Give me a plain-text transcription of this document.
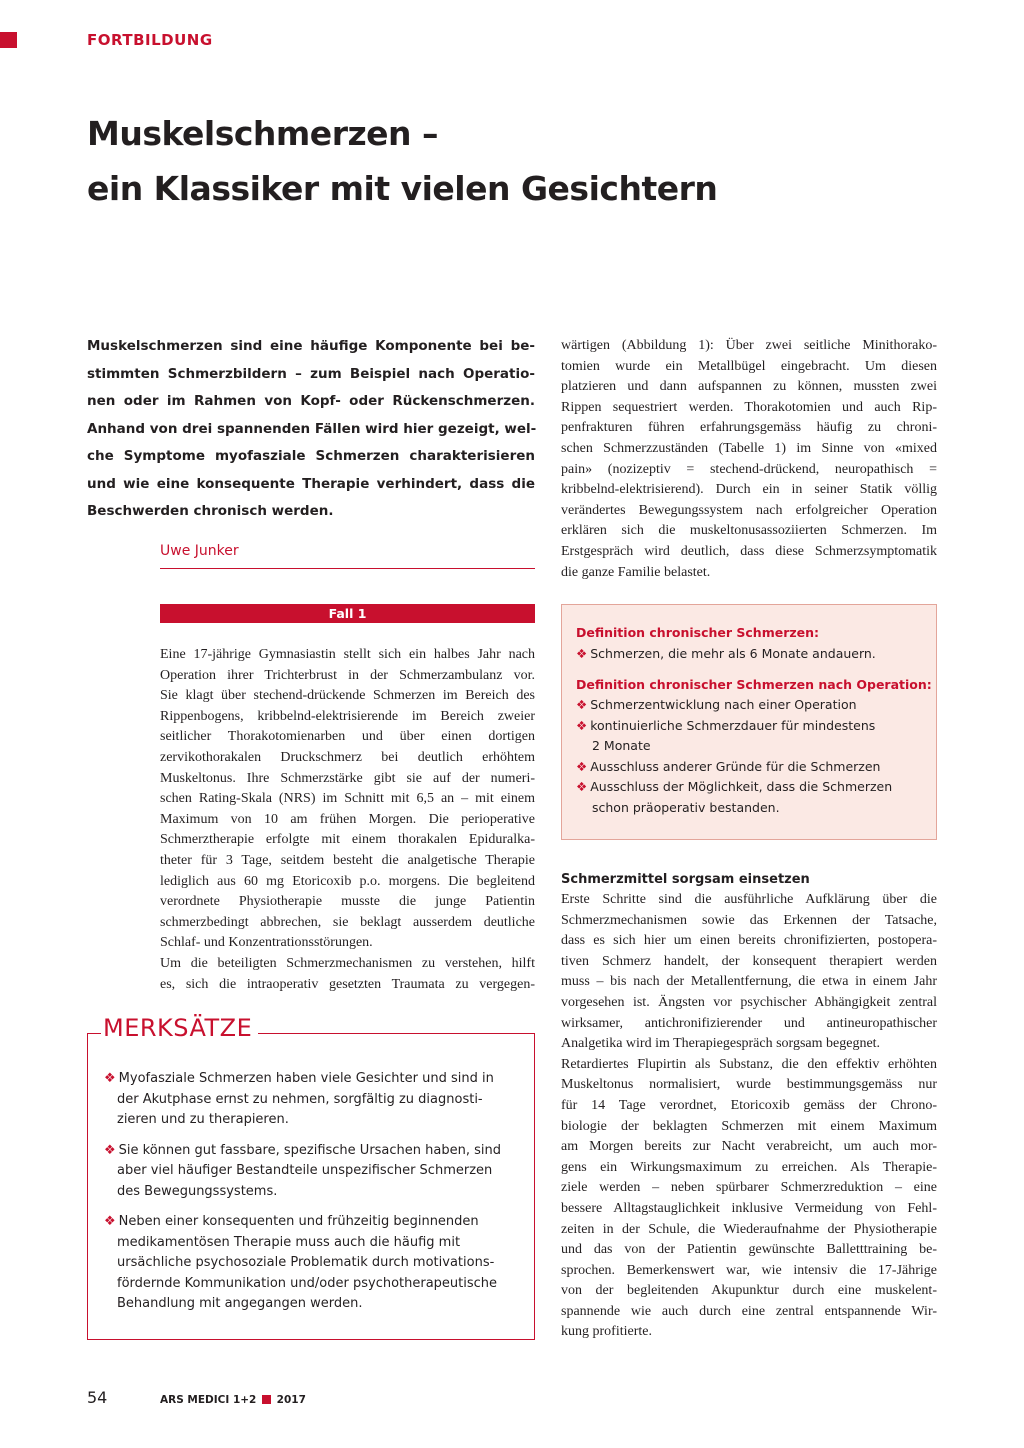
FORTBILDUNG
Muskelschmerzen –
ein Klassiker mit vielen Gesichtern
Muskelschmerzen sind eine häufige Komponente bei be-
stimmten Schmerzbildern – zum Beispiel nach Operatio-
nen oder im Rahmen von Kopf- oder Rückenschmerzen.
Anhand von drei spannenden Fällen wird hier gezeigt, wel-
che Symptome myofasziale Schmerzen charakterisieren
und wie eine konsequente Therapie verhindert, dass die
Beschwerden chronisch werden.
Uwe Junker
Fall 1
Eine 17-jährige Gymnasiastin stellt sich ein halbes Jahr nach
Operation ihrer Trichterbrust in der Schmerzambulanz vor.
Sie klagt über stechend-drückende Schmerzen im Bereich des
Rippenbogens, kribbelnd-elektrisierende im Bereich zweier
seitlicher Thorakotomienarben und über einen dortigen
zervikothorakalen Druckschmerz bei deutlich erhöhtem
Muskeltonus. Ihre Schmerzstärke gibt sie auf der numeri-
schen Rating-Skala (NRS) im Schnitt mit 6,5 an – mit einem
Maximum von 10 am frühen Morgen. Die perioperative
Schmerztherapie erfolgte mit einem thorakalen Epiduralka-
theter für 3 Tage, seitdem besteht die analgetische Therapie
lediglich aus 60 mg Etoricoxib p.o. morgens. Die begleitend
verordnete Physiotherapie musste die junge Patientin
schmerzbedingt abbrechen, sie beklagt ausserdem deutliche
Schlaf- und Konzentrationsstörungen.
Um die beteiligten Schmerzmechanismen zu verstehen, hilft
es, sich die intraoperativ gesetzten Traumata zu vergegen-
wärtigen (Abbildung 1): Über zwei seitliche Minithorako-
tomien wurde ein Metallbügel eingebracht. Um diesen
platzieren und dann aufspannen zu können, mussten zwei
Rippen sequestriert werden. Thorakotomien und auch Rip-
penfrakturen führen erfahrungsgemäss häufig zu chroni-
schen Schmerzzuständen (Tabelle 1) im Sinne von «mixed
pain» (nozizeptiv = stechend-drückend, neuropathisch =
kribbelnd-elektrisierend). Durch ein in seiner Statik völlig
verändertes Bewegungssystem nach erfolgreicher Operation
erklären sich die muskeltonusassoziierten Schmerzen. Im
Erstgespräch wird deutlich, dass diese Schmerzsymptomatik
die ganze Familie belastet.
Definition chronischer Schmerzen:
❖ Schmerzen, die mehr als 6 Monate andauern.
Definition chronischer Schmerzen nach Operation:
❖ Schmerzentwicklung nach einer Operation
❖ kontinuierliche Schmerzdauer für mindestens
2 Monate
❖ Ausschluss anderer Gründe für die Schmerzen
❖ Ausschluss der Möglichkeit, dass die Schmerzen
schon präoperativ bestanden.
Schmerzmittel sorgsam einsetzen
Erste Schritte sind die ausführliche Aufklärung über die
Schmerzmechanismen sowie das Erkennen der Tatsache,
dass es sich hier um einen bereits chronifizierten, postopera-
tiven Schmerz handelt, der konsequent therapiert werden
muss – bis nach der Metallentfernung, die etwa in einem Jahr
vorgesehen ist. Ängsten vor psychischer Abhängigkeit zentral
wirksamer, antichronifizierender und antineuropathischer
Analgetika wird im Therapiegespräch sorgsam begegnet.
Retardiertes Flupirtin als Substanz, die den effektiv erhöhten
Muskeltonus normalisiert, wurde bestimmungsgemäss nur
für 14 Tage verordnet, Etoricoxib gemäss der Chrono-
biologie der beklagten Schmerzen mit einem Maximum
am Morgen bereits zur Nacht verabreicht, um auch mor-
gens ein Wirkungsmaximum zu erreichen. Als Therapie-
ziele werden – neben spürbarer Schmerzreduktion – eine
bessere Alltagstauglichkeit inklusive Vermeidung von Fehl-
zeiten in der Schule, die Wiederaufnahme der Physiotherapie
und das von der Patientin gewünschte Balletttraining be-
sprochen. Bemerkenswert war, wie intensiv die 17-Jährige
von der begleitenden Akupunktur durch eine muskelent-
spannende wie auch durch eine zentral entspannende Wir-
kung profitierte.
MERKSÄTZE
❖ Myofasziale Schmerzen haben viele Gesichter und sind in
der Akutphase ernst zu nehmen, sorgfältig zu diagnosti-
zieren und zu therapieren.
❖ Sie können gut fassbare, spezifische Ursachen haben, sind
aber viel häufiger Bestandteile unspezifischer Schmerzen
des Bewegungssystems.
❖ Neben einer konsequenten und frühzeitig beginnenden
medikamentösen Therapie muss auch die häufig mit
ursächliche psychosoziale Problematik durch motivations-
fördernde Kommunikation und/oder psychotherapeutische
Behandlung mit angegangen werden.
54	ARS MEDICI 1+2 2017
